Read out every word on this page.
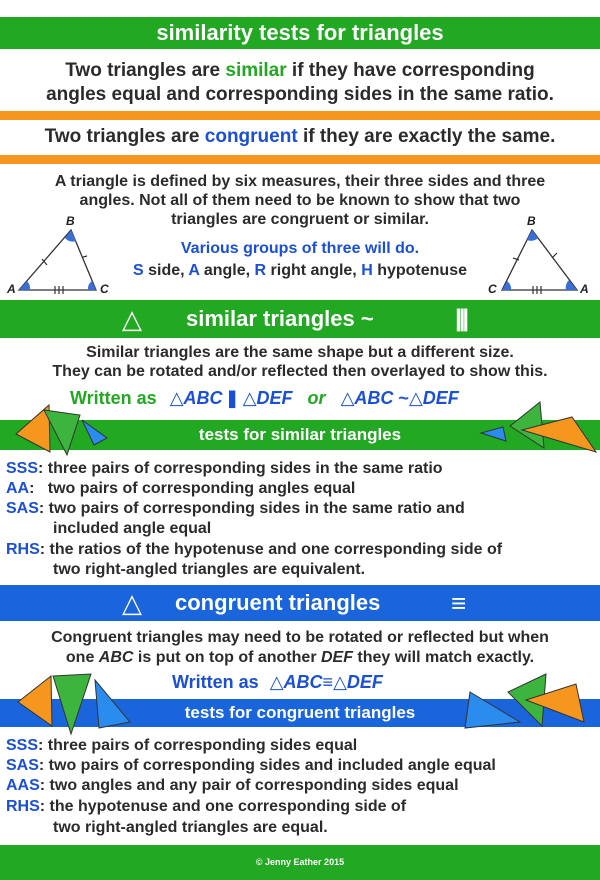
similarity tests for triangles
Two triangles are similar if they have corresponding
angles equal and corresponding sides in the same ratio.
Two triangles are congruent if they are exactly the same.
A triangle is defined by six measures, their three sides and three
angles. Not all of them need to be known to show that two
triangles are congruent or similar.
Various groups of three will do.
S side, A angle, R right angle, H hypotenuse
B
A	C
B
C	A
△ similar triangles ~	|||
Similar triangles are the same shape but a different size.
They can be rotated and/or reflected then overlayed to show this.
Written as △ABC ||| △DEF or △ABC ~△DEF
tests for similar triangles
SSS: three pairs of corresponding sides in the same ratio
AA:   two pairs of corresponding angles equal
SAS: two pairs of corresponding sides in the same ratio and
included angle equal
RHS: the ratios of the hypotenuse and one corresponding side of
two right-angled triangles are equivalent.
△ congruent triangles	≡
Congruent triangles may need to be rotated or reflected but when
one ABC is put on top of another DEF they will match exactly.
Written as △ABC≡△DEF
tests for congruent triangles
SSS: three pairs of corresponding sides equal
SAS: two pairs of corresponding sides and included angle equal
AAS: two angles and any pair of corresponding sides equal
RHS: the hypotenuse and one corresponding side of
two right-angled triangles are equal.
© Jenny Eather 2015
